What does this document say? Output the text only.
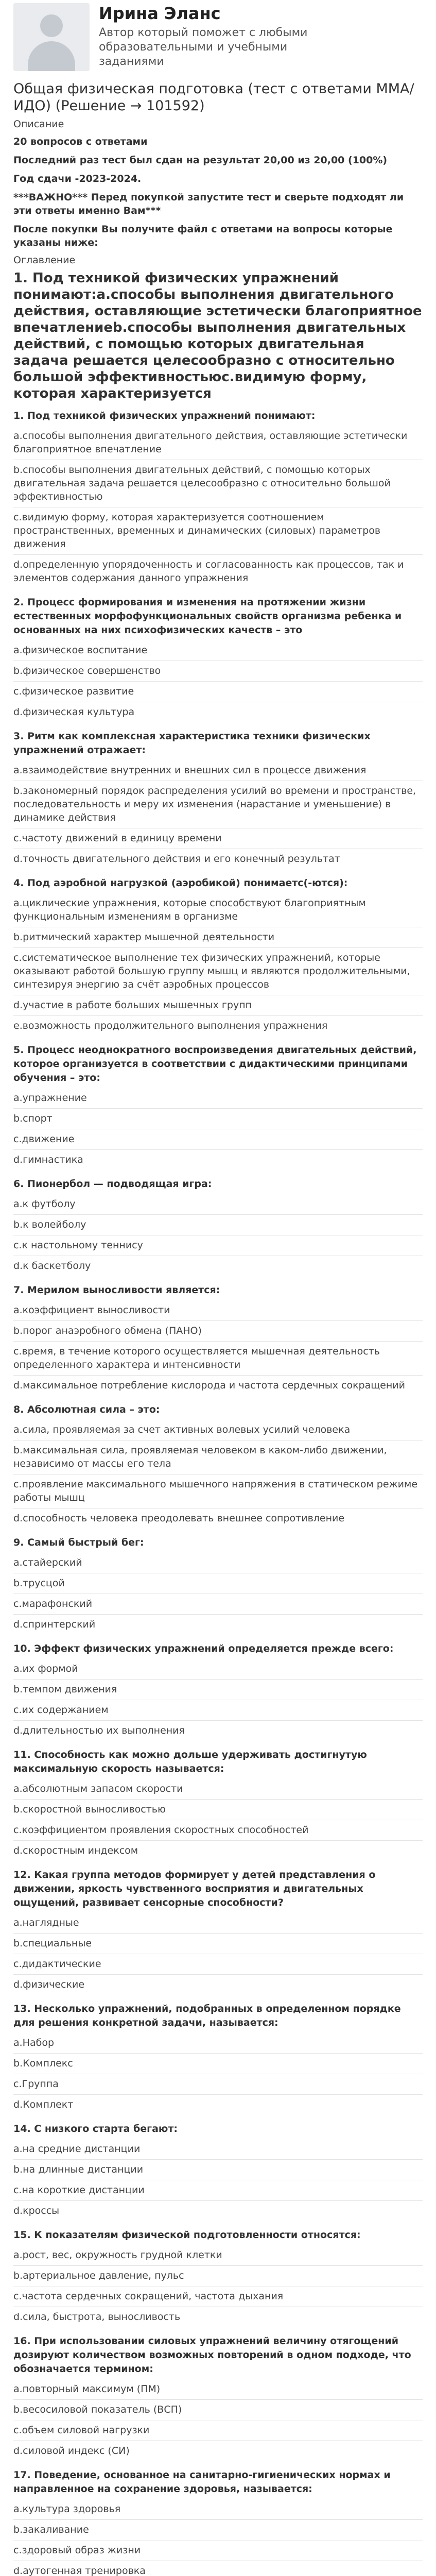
Ирина Эланс
Автор который поможет с любыми образовательными и учебными заданиями
Общая физическая подготовка (тест с ответами ММА/ИДО) (Решение → 101592)
Описание
20 вопросов с ответами
Последний раз тест был сдан на результат 20,00 из 20,00 (100%)
Год сдачи -2023-2024.
***ВАЖНО*** Перед покупкой запустите тест и сверьте подходят ли эти ответы именно Вам***
После покупки Вы получите файл с ответами на вопросы которые указаны ниже:
Оглавление
1. Под техникой физических упражнений понимают:a.способы выполнения двигательного действия, оставляющие эстетически благоприятное впечатлениеb.способы выполнения двигательных действий, с помощью которых двигательная задача решается целесообразно с относительно большой эффективностьюc.видимую форму, которая характеризуется
1. Под техникой физических упражнений понимают:
a.способы выполнения двигательного действия, оставляющие эстетически благоприятное впечатление
b.способы выполнения двигательных действий, с помощью которых двигательная задача решается целесообразно с относительно большой эффективностью
c.видимую форму, которая характеризуется соотношением пространственных, временных и динамических (силовых) параметров движения
d.определенную упорядоченность и согласованность как процессов, так и элементов содержания данного упражнения
2. Процесс формирования и изменения на протяжении жизни естественных морфофункциональных свойств организма ребенка и основанных на них психофизических качеств – это
a.физическое воспитание
b.физическое совершенство
c.физическое развитие
d.физическая культура
3. Ритм как комплексная характеристика техники физических упражнений отражает:
a.взаимодействие внутренних и внешних сил в процессе движения
b.закономерный порядок распределения усилий во времени и пространстве, последовательность и меру их изменения (нарастание и уменьшение) в динамике действия
c.частоту движений в единицу времени
d.точность двигательного действия и его конечный результат
4. Под аэробной нагрузкой (аэробикой) понимаетс(-ются):
a.циклические упражнения, которые способствуют благоприятным функциональным изменениям в организме
b.ритмический характер мышечной деятельности
c.систематическое выполнение тех физических упражнений, которые оказывают работой большую группу мышц и являются продолжительными, синтезируя энергию за счёт аэробных процессов
d.участие в работе больших мышечных групп
e.возможность продолжительного выполнения упражнения
5. Процесс неоднократного воспроизведения двигательных действий, которое организуется в соответствии с дидактическими принципами обучения – это:
a.упражнение
b.спорт
c.движение
d.гимнастика
6. Пионербол — подводящая игра:
a.к футболу
b.к волейболу
c.к настольному теннису
d.к баскетболу
7. Мерилом выносливости является:
a.коэффициент выносливости
b.порог анаэробного обмена (ПАНО)
c.время, в течение которого осуществляется мышечная деятельность определенного характера и интенсивности
d.максимальное потребление кислорода и частота сердечных сокращений
8. Абсолютная сила – это:
a.сила, проявляемая за счет активных волевых усилий человека
b.максимальная сила, проявляемая человеком в каком-либо движении, независимо от массы его тела
c.проявление максимального мышечного напряжения в статическом режиме работы мышц
d.способность человека преодолевать внешнее сопротивление
9. Самый быстрый бег:
a.стайерский
b.трусцой
c.марафонский
d.спринтерский
10. Эффект физических упражнений определяется прежде всего:
a.их формой
b.темпом движения
c.их содержанием
d.длительностью их выполнения
11. Способность как можно дольше удерживать достигнутую максимальную скорость называется:
a.абсолютным запасом скорости
b.скоростной выносливостью
c.коэффициентом проявления скоростных способностей
d.скоростным индексом
12. Какая группа методов формирует у детей представления о движении, яркость чувственного восприятия и двигательных ощущений, развивает сенсорные способности?
a.наглядные
b.специальные
c.дидактические
d.физические
13. Несколько упражнений, подобранных в определенном порядке для решения конкретной задачи, называется:
a.Набор
b.Комплекс
c.Группа
d.Комплект
14. С низкого старта бегают:
a.на средние дистанции
b.на длинные дистанции
c.на короткие дистанции
d.кроссы
15. К показателям физической подготовленности относятся:
a.рост, вес, окружность грудной клетки
b.артериальное давление, пульс
c.частота сердечных сокращений, частота дыхания
d.сила, быстрота, выносливость
16. При использовании силовых упражнений величину отягощений дозируют количеством возможных повторений в одном подходе, что обозначается термином:
a.повторный максимум (ПМ)
b.весосиловой показатель (ВСП)
c.объем силовой нагрузки
d.силовой индекс (СИ)
17. Поведение, основанное на санитарно-гигиенических нормах и направленное на сохранение здоровья, называется:
a.культура здоровья
b.закаливание
c.здоровый образ жизни
d.аутогенная тренировка
